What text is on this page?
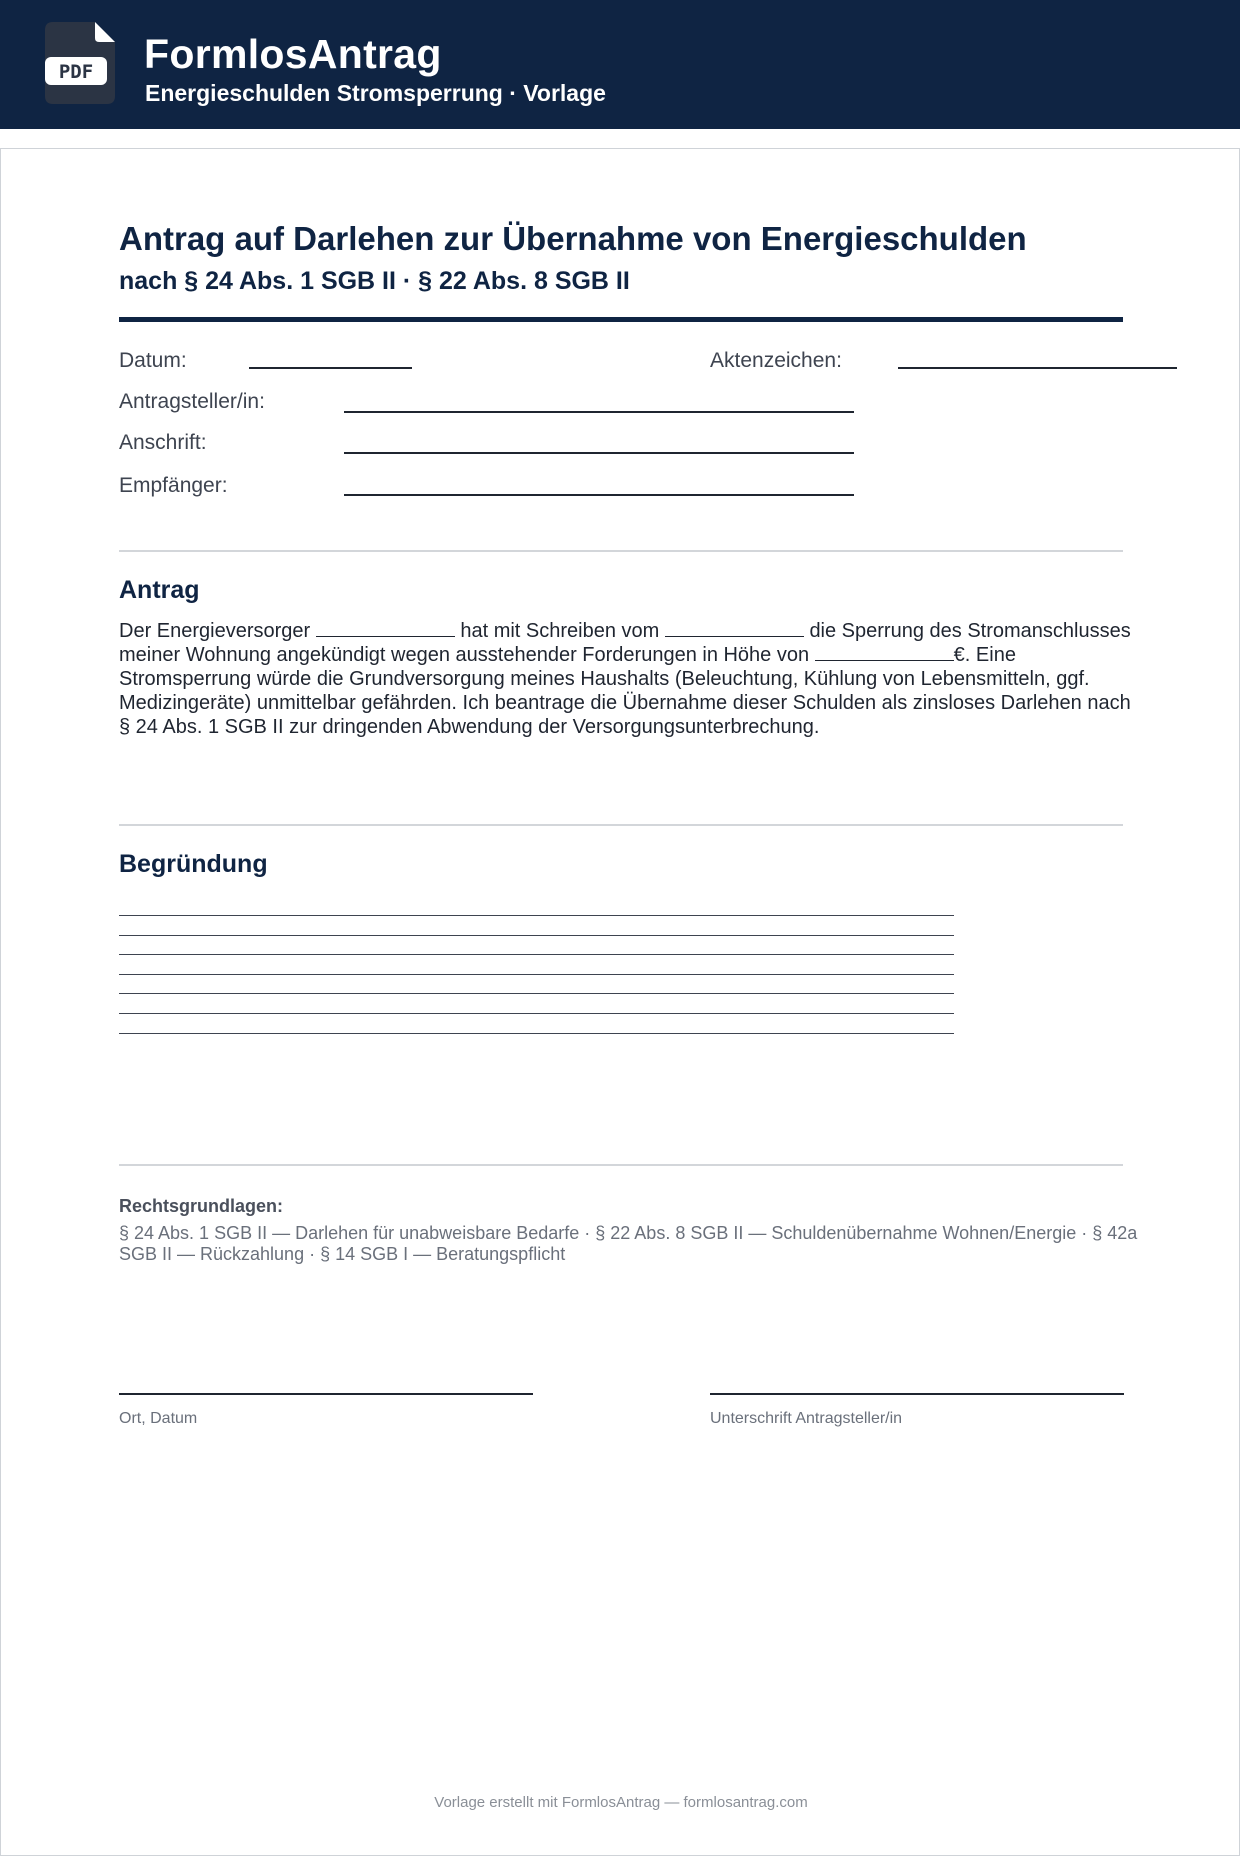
PDF FormlosAntrag
Energieschulden Stromsperrung · Vorlage
Antrag auf Darlehen zur Übernahme von Energieschulden
nach § 24 Abs. 1 SGB II · § 22 Abs. 8 SGB II
Datum:	Aktenzeichen:
Antragsteller/in:
Anschrift:
Empfänger:
Antrag
Der Energieversorger	hat mit Schreiben vom	die Sperrung des Stromanschlusses meiner Wohnung angekündigt wegen ausstehender Forderungen in Höhe von	€. Eine Stromsperrung würde die Grundversorgung meines Haushalts (Beleuchtung, Kühlung von Lebensmitteln, ggf. Medizingeräte) unmittelbar gefährden. Ich beantrage die Übernahme dieser Schulden als zinsloses Darlehen nach § 24 Abs. 1 SGB II zur dringenden Abwendung der Versorgungsunterbrechung.
Begründung
Rechtsgrundlagen:
§ 24 Abs. 1 SGB II — Darlehen für unabweisbare Bedarfe · § 22 Abs. 8 SGB II — Schuldenübernahme Wohnen/Energie · § 42a SGB II — Rückzahlung · § 14 SGB I — Beratungspflicht
Ort, Datum	Unterschrift Antragsteller/in
Vorlage erstellt mit FormlosAntrag — formlosantrag.com
